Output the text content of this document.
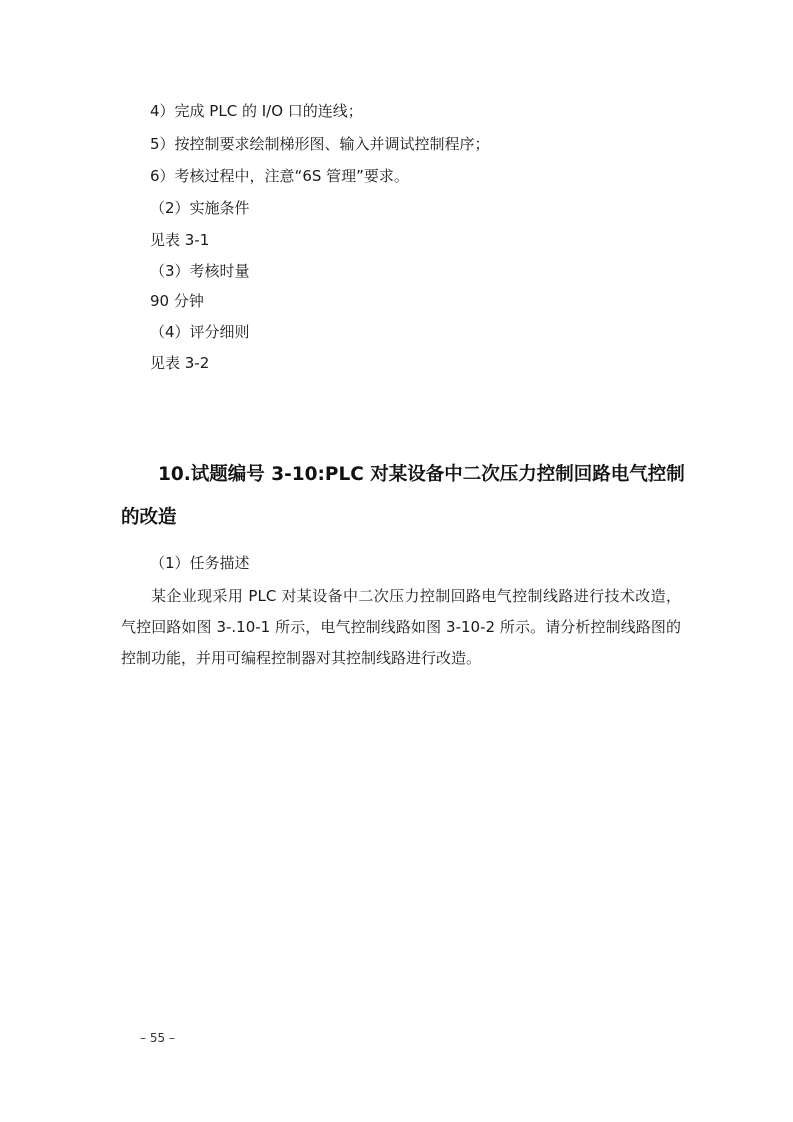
4）完成 PLC 的 I/O 口的连线；

5）按控制要求绘制梯形图、输入并调试控制程序；

6）考核过程中，注意“6S 管理”要求。

（2）实施条件

见表 3-1

（3）考核时量

90 分钟

（4）评分细则

见表 3-2

10.试题编号 3-10:PLC 对某设备中二次压力控制回路电气控制
的改造

（1）任务描述

某企业现采用 PLC 对某设备中二次压力控制回路电气控制线路进行技术改造，气控回路如图 3-.10-1 所示，电气控制线路如图 3-10-2 所示。请分析控制线路图的控制功能，并用可编程控制器对其控制线路进行改造。

– 55 –
